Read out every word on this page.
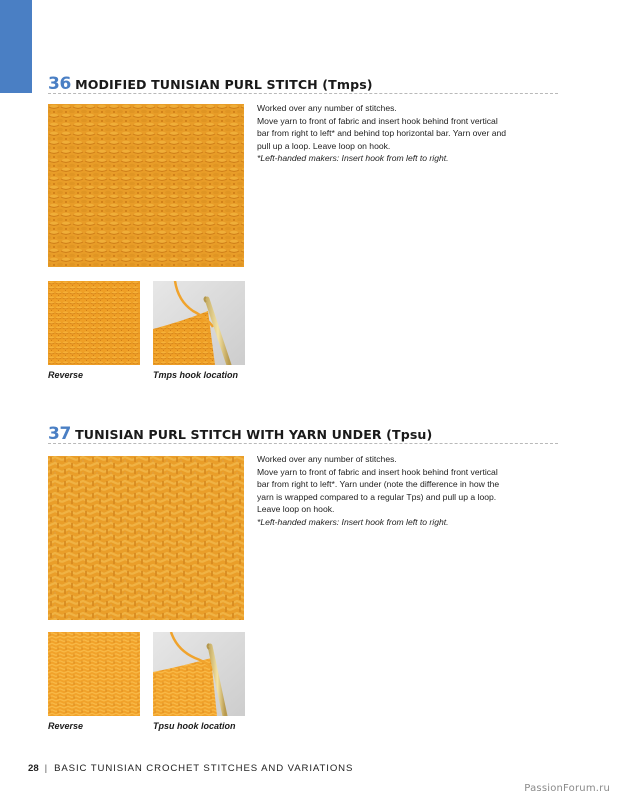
36 MODIFIED TUNISIAN PURL STITCH (Tmps)

Worked over any number of stitches.

Move yarn to front of fabric and insert hook behind front vertical bar from right to left* and behind top horizontal bar. Yarn over and pull up a loop. Leave loop on hook.

*Left-handed makers: Insert hook from left to right.

Reverse	Tmps hook location
37 TUNISIAN PURL STITCH WITH YARN UNDER (Tpsu)

Worked over any number of stitches.

Move yarn to front of fabric and insert hook behind front vertical bar from right to left*. Yarn under (note the difference in how the yarn is wrapped compared to a regular Tps) and pull up a loop. Leave loop on hook.

*Left-handed makers: Insert hook from left to right.

Reverse	Tpsu hook location
28 | BASIC TUNISIAN CROCHET STITCHES AND VARIATIONS
PassionForum.ru
